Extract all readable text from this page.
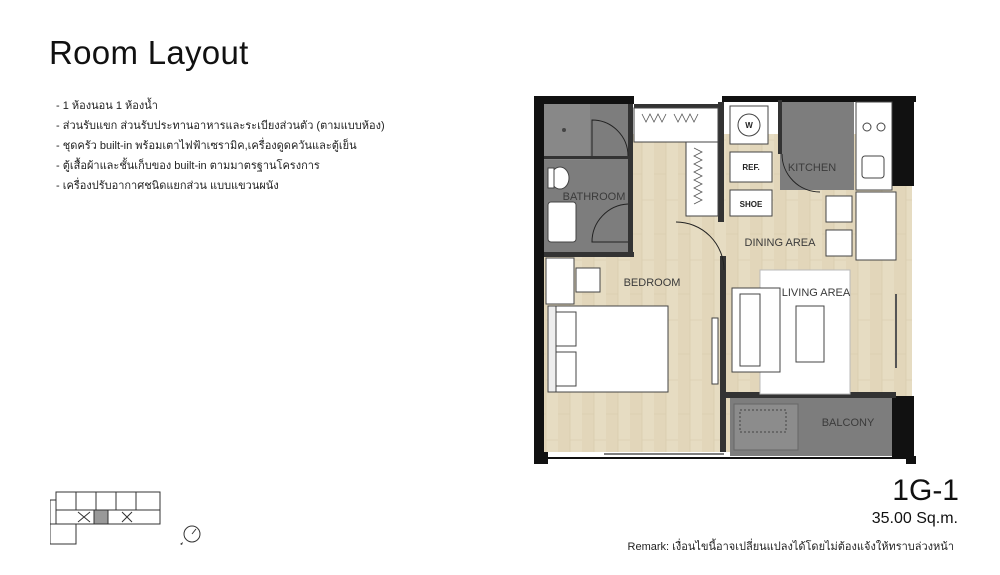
Room Layout
- 1 ห้องนอน 1 ห้องน้ำ
- ส่วนรับแขก ส่วนรับประทานอาหารและระเบียงส่วนตัว (ตามแบบห้อง)
- ชุดครัว built-in พร้อมเตาไฟฟ้าเซรามิค,เครื่องดูดควันและตู้เย็น
- ตู้เสื้อผ้าและชั้นเก็บของ built-in ตามมาตรฐานโครงการ
- เครื่องปรับอากาศชนิดแยกส่วน แบบแขวนผนัง
W
REF.
SHOE
BATHROOM
BEDROOM
KITCHEN
DINING AREA
LIVING AREA
BALCONY
1G-1
35.00 Sq.m.
Remark: เงื่อนไขนี้อาจเปลี่ยนแปลงได้โดยไม่ต้องแจ้งให้ทราบล่วงหน้า
